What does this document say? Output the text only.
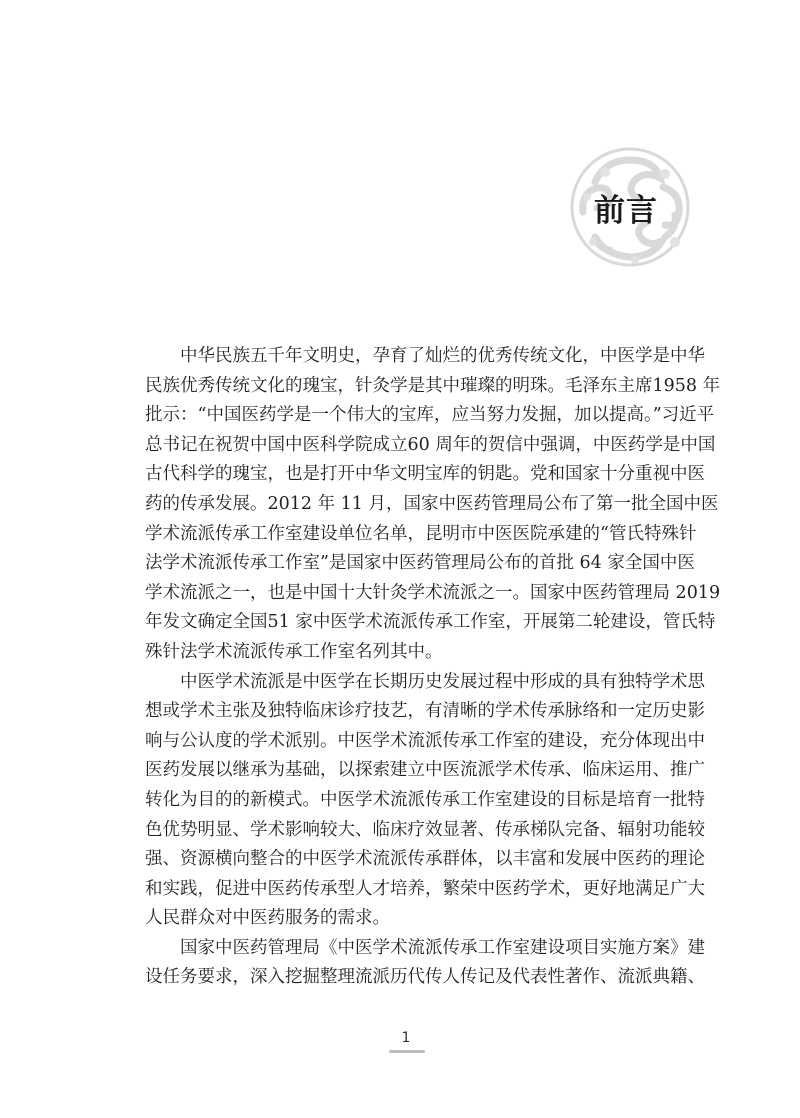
前言
中华民族五千年文明史，孕育了灿烂的优秀传统文化，中医学是中华
民族优秀传统文化的瑰宝，针灸学是其中璀璨的明珠。毛泽东主席1958 年
批示：“中国医药学是一个伟大的宝库，应当努力发掘，加以提高。”习近平
总书记在祝贺中国中医科学院成立60 周年的贺信中强调，中医药学是中国
古代科学的瑰宝，也是打开中华文明宝库的钥匙。党和国家十分重视中医
药的传承发展。2012 年 11 月，国家中医药管理局公布了第一批全国中医
学术流派传承工作室建设单位名单，昆明市中医医院承建的“管氏特殊针
法学术流派传承工作室”是国家中医药管理局公布的首批 64 家全国中医
学术流派之一，也是中国十大针灸学术流派之一。国家中医药管理局 2019
年发文确定全国51 家中医学术流派传承工作室，开展第二轮建设，管氏特
殊针法学术流派传承工作室名列其中。
中医学术流派是中医学在长期历史发展过程中形成的具有独特学术思
想或学术主张及独特临床诊疗技艺，有清晰的学术传承脉络和一定历史影
响与公认度的学术派别。中医学术流派传承工作室的建设，充分体现出中
医药发展以继承为基础，以探索建立中医流派学术传承、临床运用、推广
转化为目的的新模式。中医学术流派传承工作室建设的目标是培育一批特
色优势明显、学术影响较大、临床疗效显著、传承梯队完备、辐射功能较
强、资源横向整合的中医学术流派传承群体，以丰富和发展中医药的理论
和实践，促进中医药传承型人才培养，繁荣中医药学术，更好地满足广大
人民群众对中医药服务的需求。
国家中医药管理局《中医学术流派传承工作室建设项目实施方案》建
设任务要求，深入挖掘整理流派历代传人传记及代表性著作、流派典籍、
1
